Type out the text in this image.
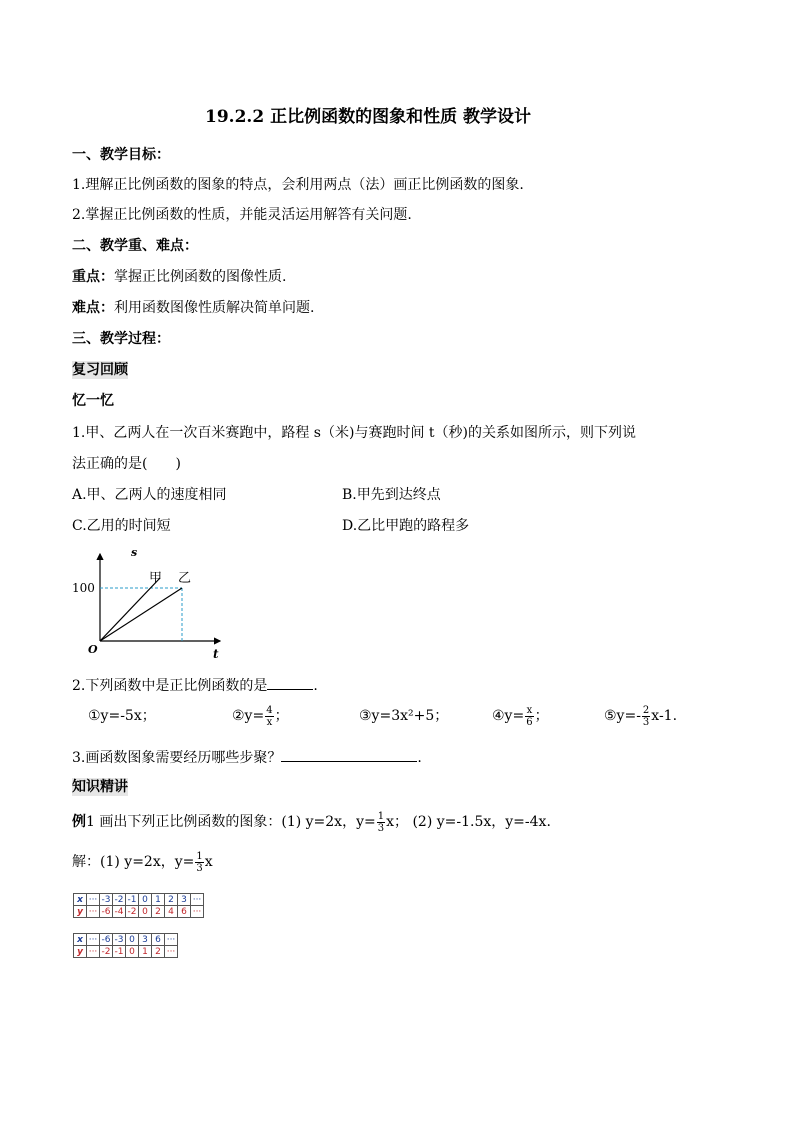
19.2.2 正比例函数的图象和性质 教学设计
一、教学目标：
1.理解正比例函数的图象的特点，会利用两点（法）画正比例函数的图象.
2.掌握正比例函数的性质，并能灵活运用解答有关问题.
二、教学重、难点：
重点：掌握正比例函数的图像性质.
难点：利用函数图像性质解决简单问题.
三、教学过程：
复习回顾
忆一忆
1.甲、乙两人在一次百米赛跑中，路程 s（米)与赛跑时间 t（秒)的关系如图所示，则下列说
法正确的是(　　)
A.甲、乙两人的速度相同	B.甲先到达终点
C.乙用的时间短	D.乙比甲跑的路程多
s
t
O
100
甲 乙
2.下列函数中是正比例函数的是	.
①y=-5x；	②y= $\frac{4}{x}$ ；	③y=3x²+5；	④y= $\frac{x}{6}$ ；	⑤y=- $\frac{2}{3} x-1$.
3.画函数图象需要经历哪些步聚？	.
知识精讲
例1 画出下列正比例函数的图象：(1) y=2x，$y= \frac{1}{3}$ x； (2) y=-1.5x，y=-4x.
解：(1) y=2x，$y= \frac{1}{3}$ x
x	···	-3	-2	-1	0	1	2	3	···
y	···	-6	-4	-2	0	2	4	6	···
x	···	-6	-3	0	3	6	···
y	···	-2	-1	0	1	2	···
